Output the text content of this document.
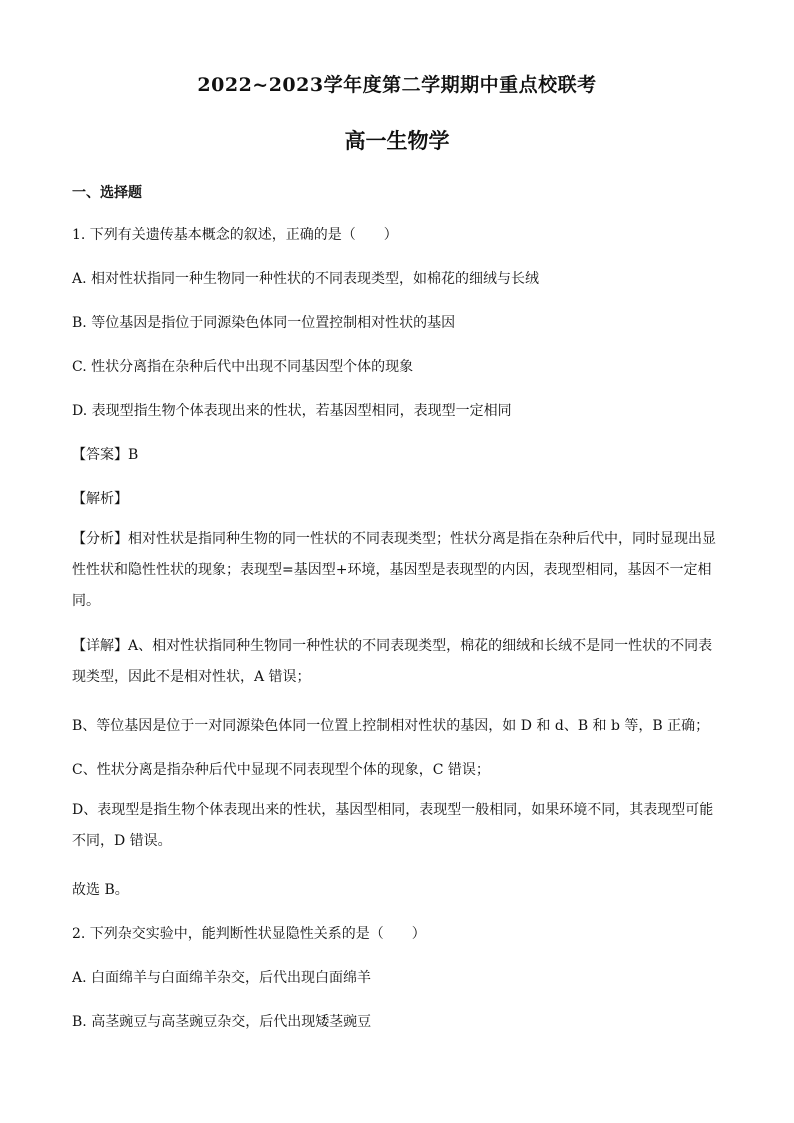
2022~2023学年度第二学期期中重点校联考
高一生物学
一、选择题
1. 下列有关遗传基本概念的叙述，正确的是（　　）
A. 相对性状指同一种生物同一种性状的不同表现类型，如棉花的细绒与长绒
B. 等位基因是指位于同源染色体同一位置控制相对性状的基因
C. 性状分离指在杂种后代中出现不同基因型个体的现象
D. 表现型指生物个体表现出来的性状，若基因型相同，表现型一定相同
【答案】B
【解析】
【分析】相对性状是指同种生物的同一性状的不同表现类型；性状分离是指在杂种后代中，同时显现出显
性性状和隐性性状的现象；表现型=基因型+环境，基因型是表现型的内因，表现型相同，基因不一定相
同。
【详解】A、相对性状指同种生物同一种性状的不同表现类型，棉花的细绒和长绒不是同一性状的不同表
现类型，因此不是相对性状，A 错误；
B、等位基因是位于一对同源染色体同一位置上控制相对性状的基因，如 D 和 d、B 和 b 等，B 正确；
C、性状分离是指杂种后代中显现不同表现型个体的现象，C 错误；
D、表现型是指生物个体表现出来的性状，基因型相同，表现型一般相同，如果环境不同，其表现型可能
不同，D 错误。
故选 B。
2. 下列杂交实验中，能判断性状显隐性关系的是（　　）
A. 白面绵羊与白面绵羊杂交，后代出现白面绵羊
B. 高茎豌豆与高茎豌豆杂交，后代出现矮茎豌豆
